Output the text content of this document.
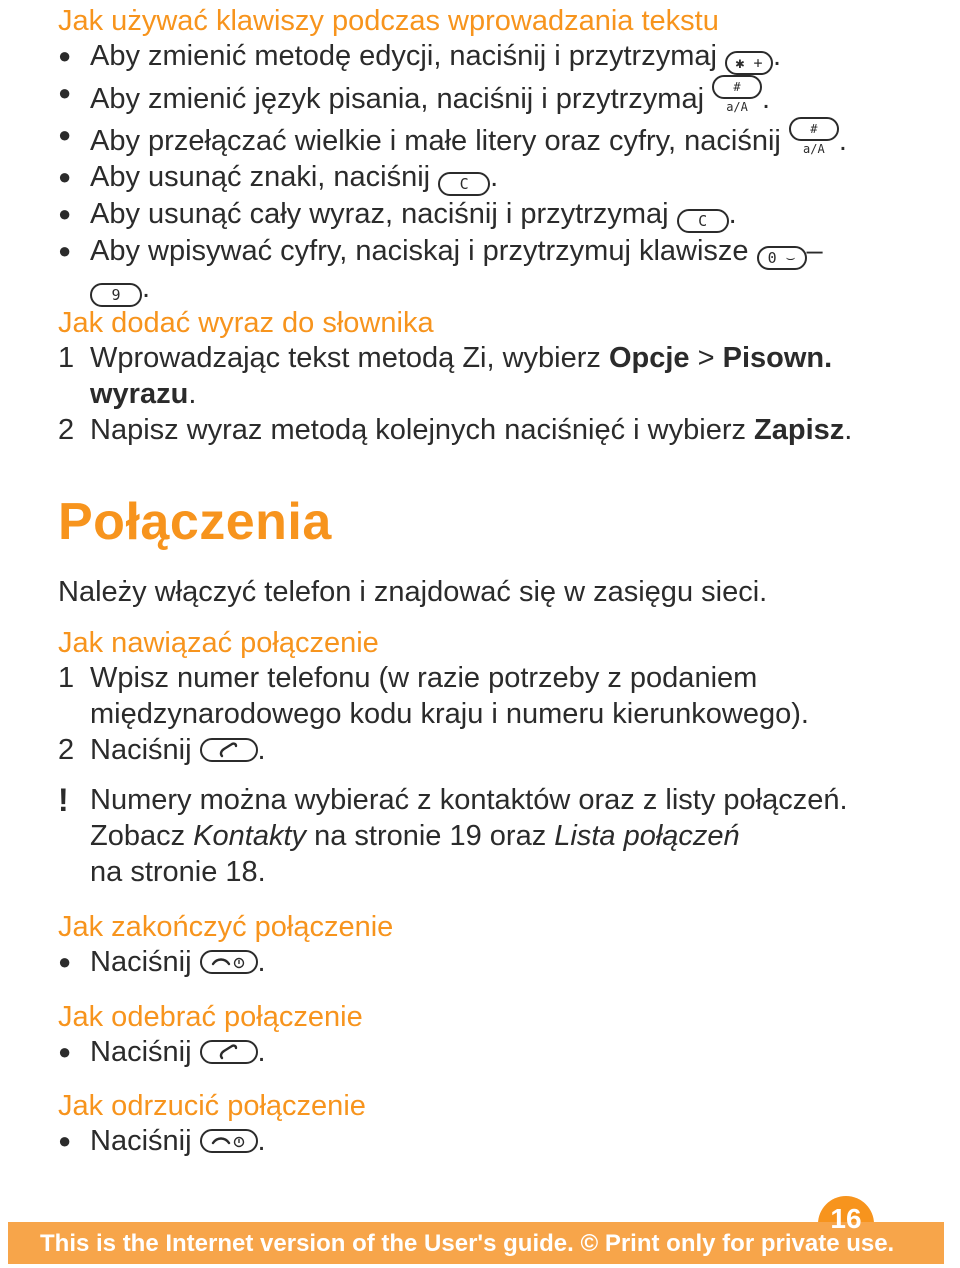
Jak używać klawiszy podczas wprowadzania tekstu
● Aby zmienić metodę edycji, naciśnij i przytrzymaj ✱ + .
● Aby zmienić język pisania, naciśnij i przytrzymaj # a/A .
● Aby przełączać wielkie i małe litery oraz cyfry, naciśnij # a/A .
● Aby usunąć znaki, naciśnij C .
● Aby usunąć cały wyraz, naciśnij i przytrzymaj C .
● Aby wpisywać cyfry, naciskaj i przytrzymuj klawisze 0 ⌣ –
9 .
Jak dodać wyraz do słownika
1 Wprowadzając tekst metodą Zi, wybierz Opcje > Pisown. wyrazu.
2 Napisz wyraz metodą kolejnych naciśnięć i wybierz Zapisz.
Połączenia

Należy włączyć telefon i znajdować się w zasięgu sieci.

Jak nawiązać połączenie
1 Wpisz numer telefonu (w razie potrzeby z podaniem międzynarodowego kodu kraju i numeru kierunkowego).
2 Naciśnij .
! Numery można wybierać z kontaktów oraz z listy połączeń.
Zobacz Kontakty na stronie 19 oraz Lista połączeń
na stronie 18.
Jak zakończyć połączenie
● Naciśnij .
Jak odebrać połączenie
● Naciśnij .
Jak odrzucić połączenie
● Naciśnij .
This is the Internet version of the User's guide. © Print only for private use.
16
